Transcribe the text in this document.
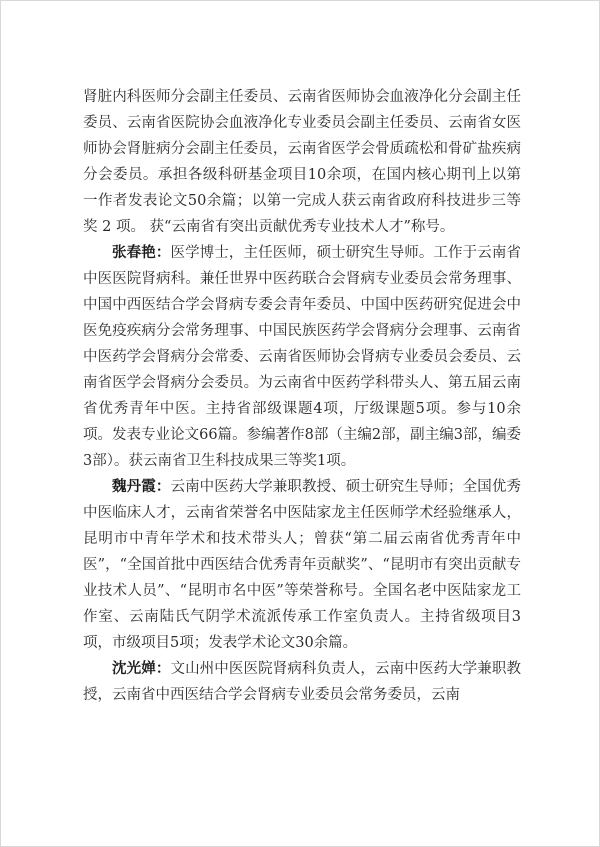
肾脏内科医师分会副主任委员、云南省医师协会血液净化分会副主任委员、云南省医院协会血液净化专业委员会副主任委员、云南省女医师协会肾脏病分会副主任委员，云南省医学会骨质疏松和骨矿盐疾病分会委员。承担各级科研基金项目10余项，在国内核心期刊上以第一作者发表论文50余篇；以第一完成人获云南省政府科技进步三等奖 2 项。 获“云南省有突出贡献优秀专业技术人才”称号。

张春艳：医学博士，主任医师，硕士研究生导师。工作于云南省中医医院肾病科。兼任世界中医药联合会肾病专业委员会常务理事、中国中西医结合学会肾病专委会青年委员、中国中医药研究促进会中医免疫疾病分会常务理事、中国民族医药学会肾病分会理事、云南省中医药学会肾病分会常委、云南省医师协会肾病专业委员会委员、云南省医学会肾病分会委员。为云南省中医药学科带头人、第五届云南省优秀青年中医。主持省部级课题4项，厅级课题5项。参与10余项。发表专业论文66篇。参编著作8部（主编2部，副主编3部，编委3部）。获云南省卫生科技成果三等奖1项。

魏丹霞：云南中医药大学兼职教授、硕士研究生导师；全国优秀中医临床人才，云南省荣誉名中医陆家龙主任医师学术经验继承人，昆明市中青年学术和技术带头人；曾获“第二届云南省优秀青年中医”，“全国首批中西医结合优秀青年贡献奖”、“昆明市有突出贡献专业技术人员”、“昆明市名中医”等荣誉称号。全国名老中医陆家龙工作室、云南陆氏气阴学术流派传承工作室负责人。主持省级项目3项，市级项目5项；发表学术论文30余篇。

沈光婵：文山州中医医院肾病科负责人，云南中医药大学兼职教授，云南省中西医结合学会肾病专业委员会常务委员，云南
